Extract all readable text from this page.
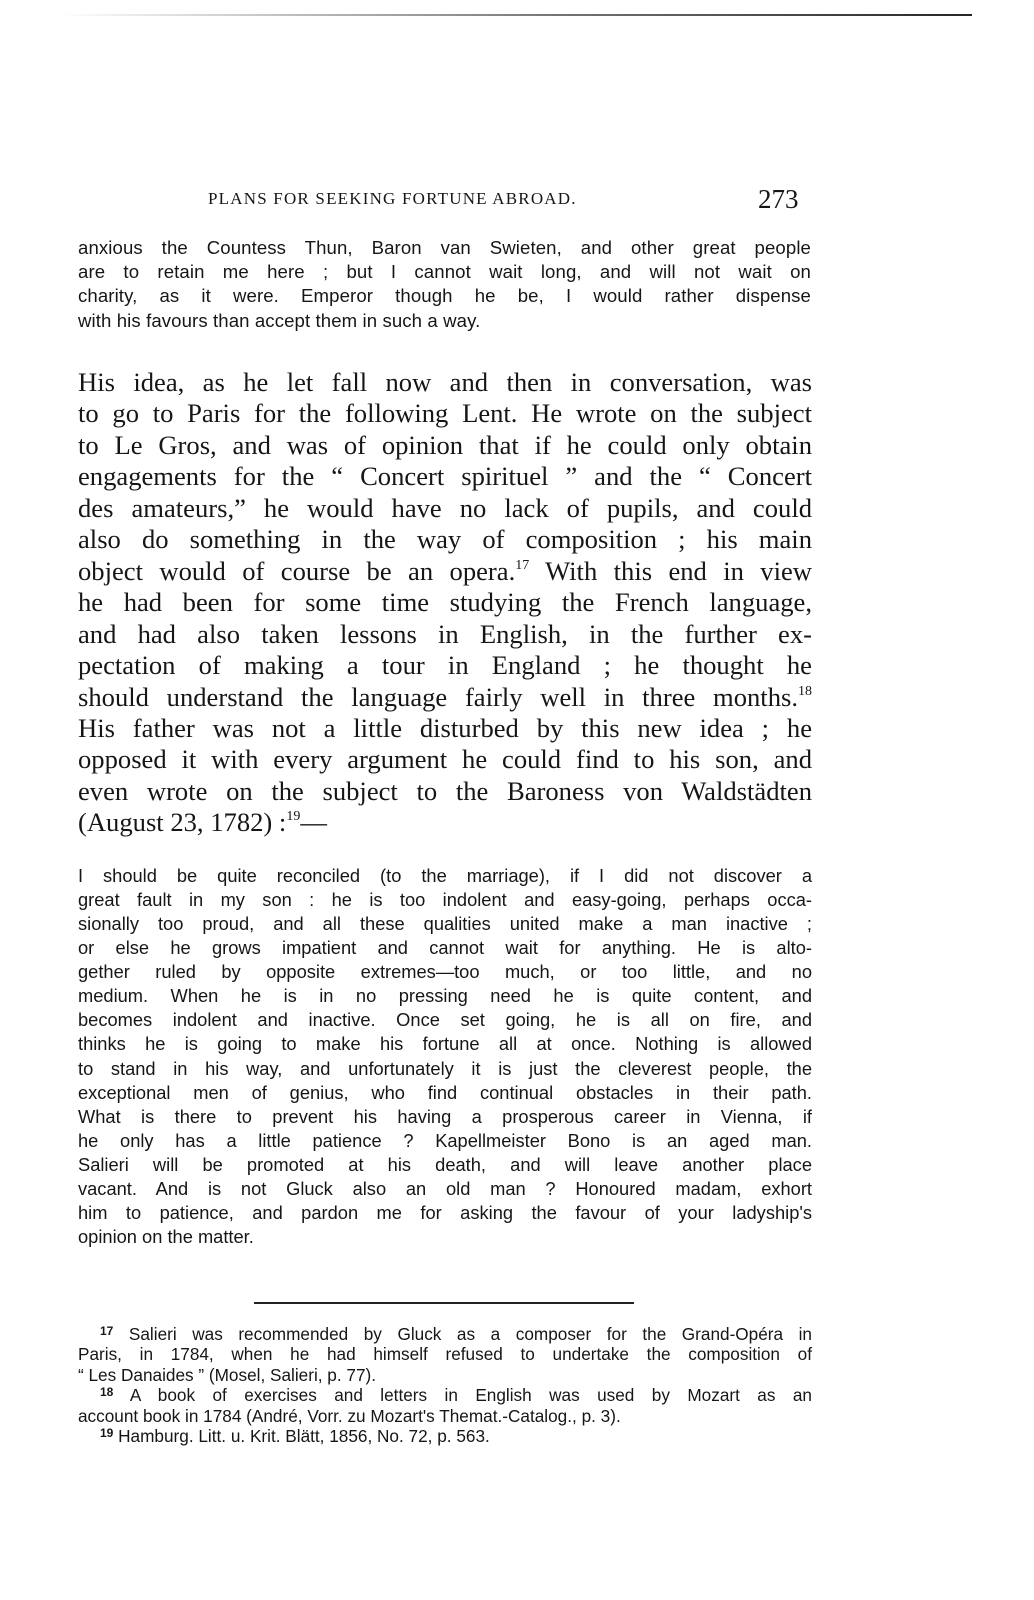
PLANS FOR SEEKING FORTUNE ABROAD.	273
anxious the Countess Thun, Baron van Swieten, and other great people
are to retain me here ; but I cannot wait long, and will not wait on
charity, as it were. Emperor though he be, I would rather dispense
with his favours than accept them in such a way.
His idea, as he let fall now and then in conversation, was
to go to Paris for the following Lent. He wrote on the subject
to Le Gros, and was of opinion that if he could only obtain
engagements for the “ Concert spirituel ” and the “ Concert
des amateurs,” he would have no lack of pupils, and could
also do something in the way of composition ; his main
object would of course be an opera.$^{17}$ With this end in view
he had been for some time studying the French language,
and had also taken lessons in English, in the further ex-
pectation of making a tour in England ; he thought he
should understand the language fairly well in three months.$^{18}$
His father was not a little disturbed by this new idea ; he
opposed it with every argument he could find to his son, and
even wrote on the subject to the Baroness von Waldstädten
(August 23, 1782) :$^{19}$—
I should be quite reconciled (to the marriage), if I did not discover a
great fault in my son : he is too indolent and easy-going, perhaps occa-
sionally too proud, and all these qualities united make a man inactive ;
or else he grows impatient and cannot wait for anything. He is alto-
gether ruled by opposite extremes—too much, or too little, and no
medium. When he is in no pressing need he is quite content, and
becomes indolent and inactive. Once set going, he is all on fire, and
thinks he is going to make his fortune all at once. Nothing is allowed
to stand in his way, and unfortunately it is just the cleverest people, the
exceptional men of genius, who find continual obstacles in their path.
What is there to prevent his having a prosperous career in Vienna, if
he only has a little patience ? Kapellmeister Bono is an aged man.
Salieri will be promoted at his death, and will leave another place
vacant. And is not Gluck also an old man ? Honoured madam, exhort
him to patience, and pardon me for asking the favour of your ladyship's
opinion on the matter.
$^{17}$ Salieri was recommended by Gluck as a composer for the Grand-Opéra in
Paris, in 1784, when he had himself refused to undertake the composition of
“ Les Danaides ” (Mosel, Salieri, p. 77).
$^{18}$ A book of exercises and letters in English was used by Mozart as an
account book in 1784 (André, Vorr. zu Mozart's Themat.-Catalog., p. 3).
$^{19}$ Hamburg. Litt. u. Krit. Blätt, 1856, No. 72, p. 563.
